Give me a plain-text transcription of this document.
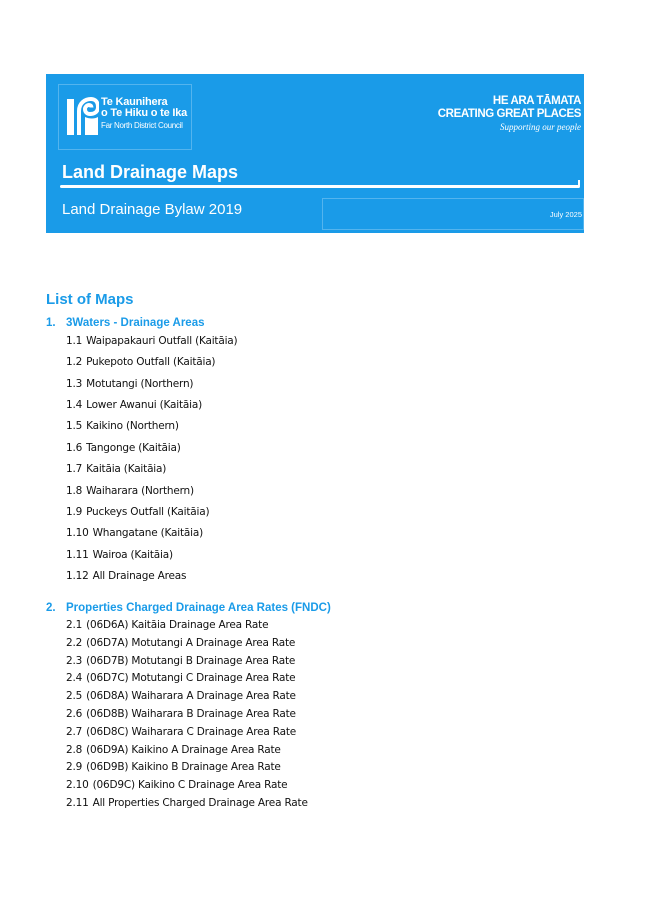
Te Kaunihera
o Te Hiku o te Ika
Far North District Council
HE ARA TĀMATA
CREATING GREAT PLACES
Supporting our people
Land Drainage Maps
Land Drainage Bylaw 2019	July 2025
List of Maps
1. 3Waters - Drainage Areas
1.1 Waipapakauri Outfall (Kaitāia)
1.2 Pukepoto Outfall (Kaitāia)
1.3 Motutangi (Northern)
1.4 Lower Awanui (Kaitāia)
1.5 Kaikino (Northern)
1.6 Tangonge (Kaitāia)
1.7 Kaitāia (Kaitāia)
1.8 Waiharara (Northern)
1.9 Puckeys Outfall (Kaitāia)
1.10 Whangatane (Kaitāia)
1.11 Wairoa (Kaitāia)
1.12 All Drainage Areas
2. Properties Charged Drainage Area Rates (FNDC)
2.1 (06D6A) Kaitāia Drainage Area Rate
2.2 (06D7A) Motutangi A Drainage Area Rate
2.3 (06D7B) Motutangi B Drainage Area Rate
2.4 (06D7C) Motutangi C Drainage Area Rate
2.5 (06D8A) Waiharara A Drainage Area Rate
2.6 (06D8B) Waiharara B Drainage Area Rate
2.7 (06D8C) Waiharara C Drainage Area Rate
2.8 (06D9A) Kaikino A Drainage Area Rate
2.9 (06D9B) Kaikino B Drainage Area Rate
2.10 (06D9C) Kaikino C Drainage Area Rate
2.11 All Properties Charged Drainage Area Rate
